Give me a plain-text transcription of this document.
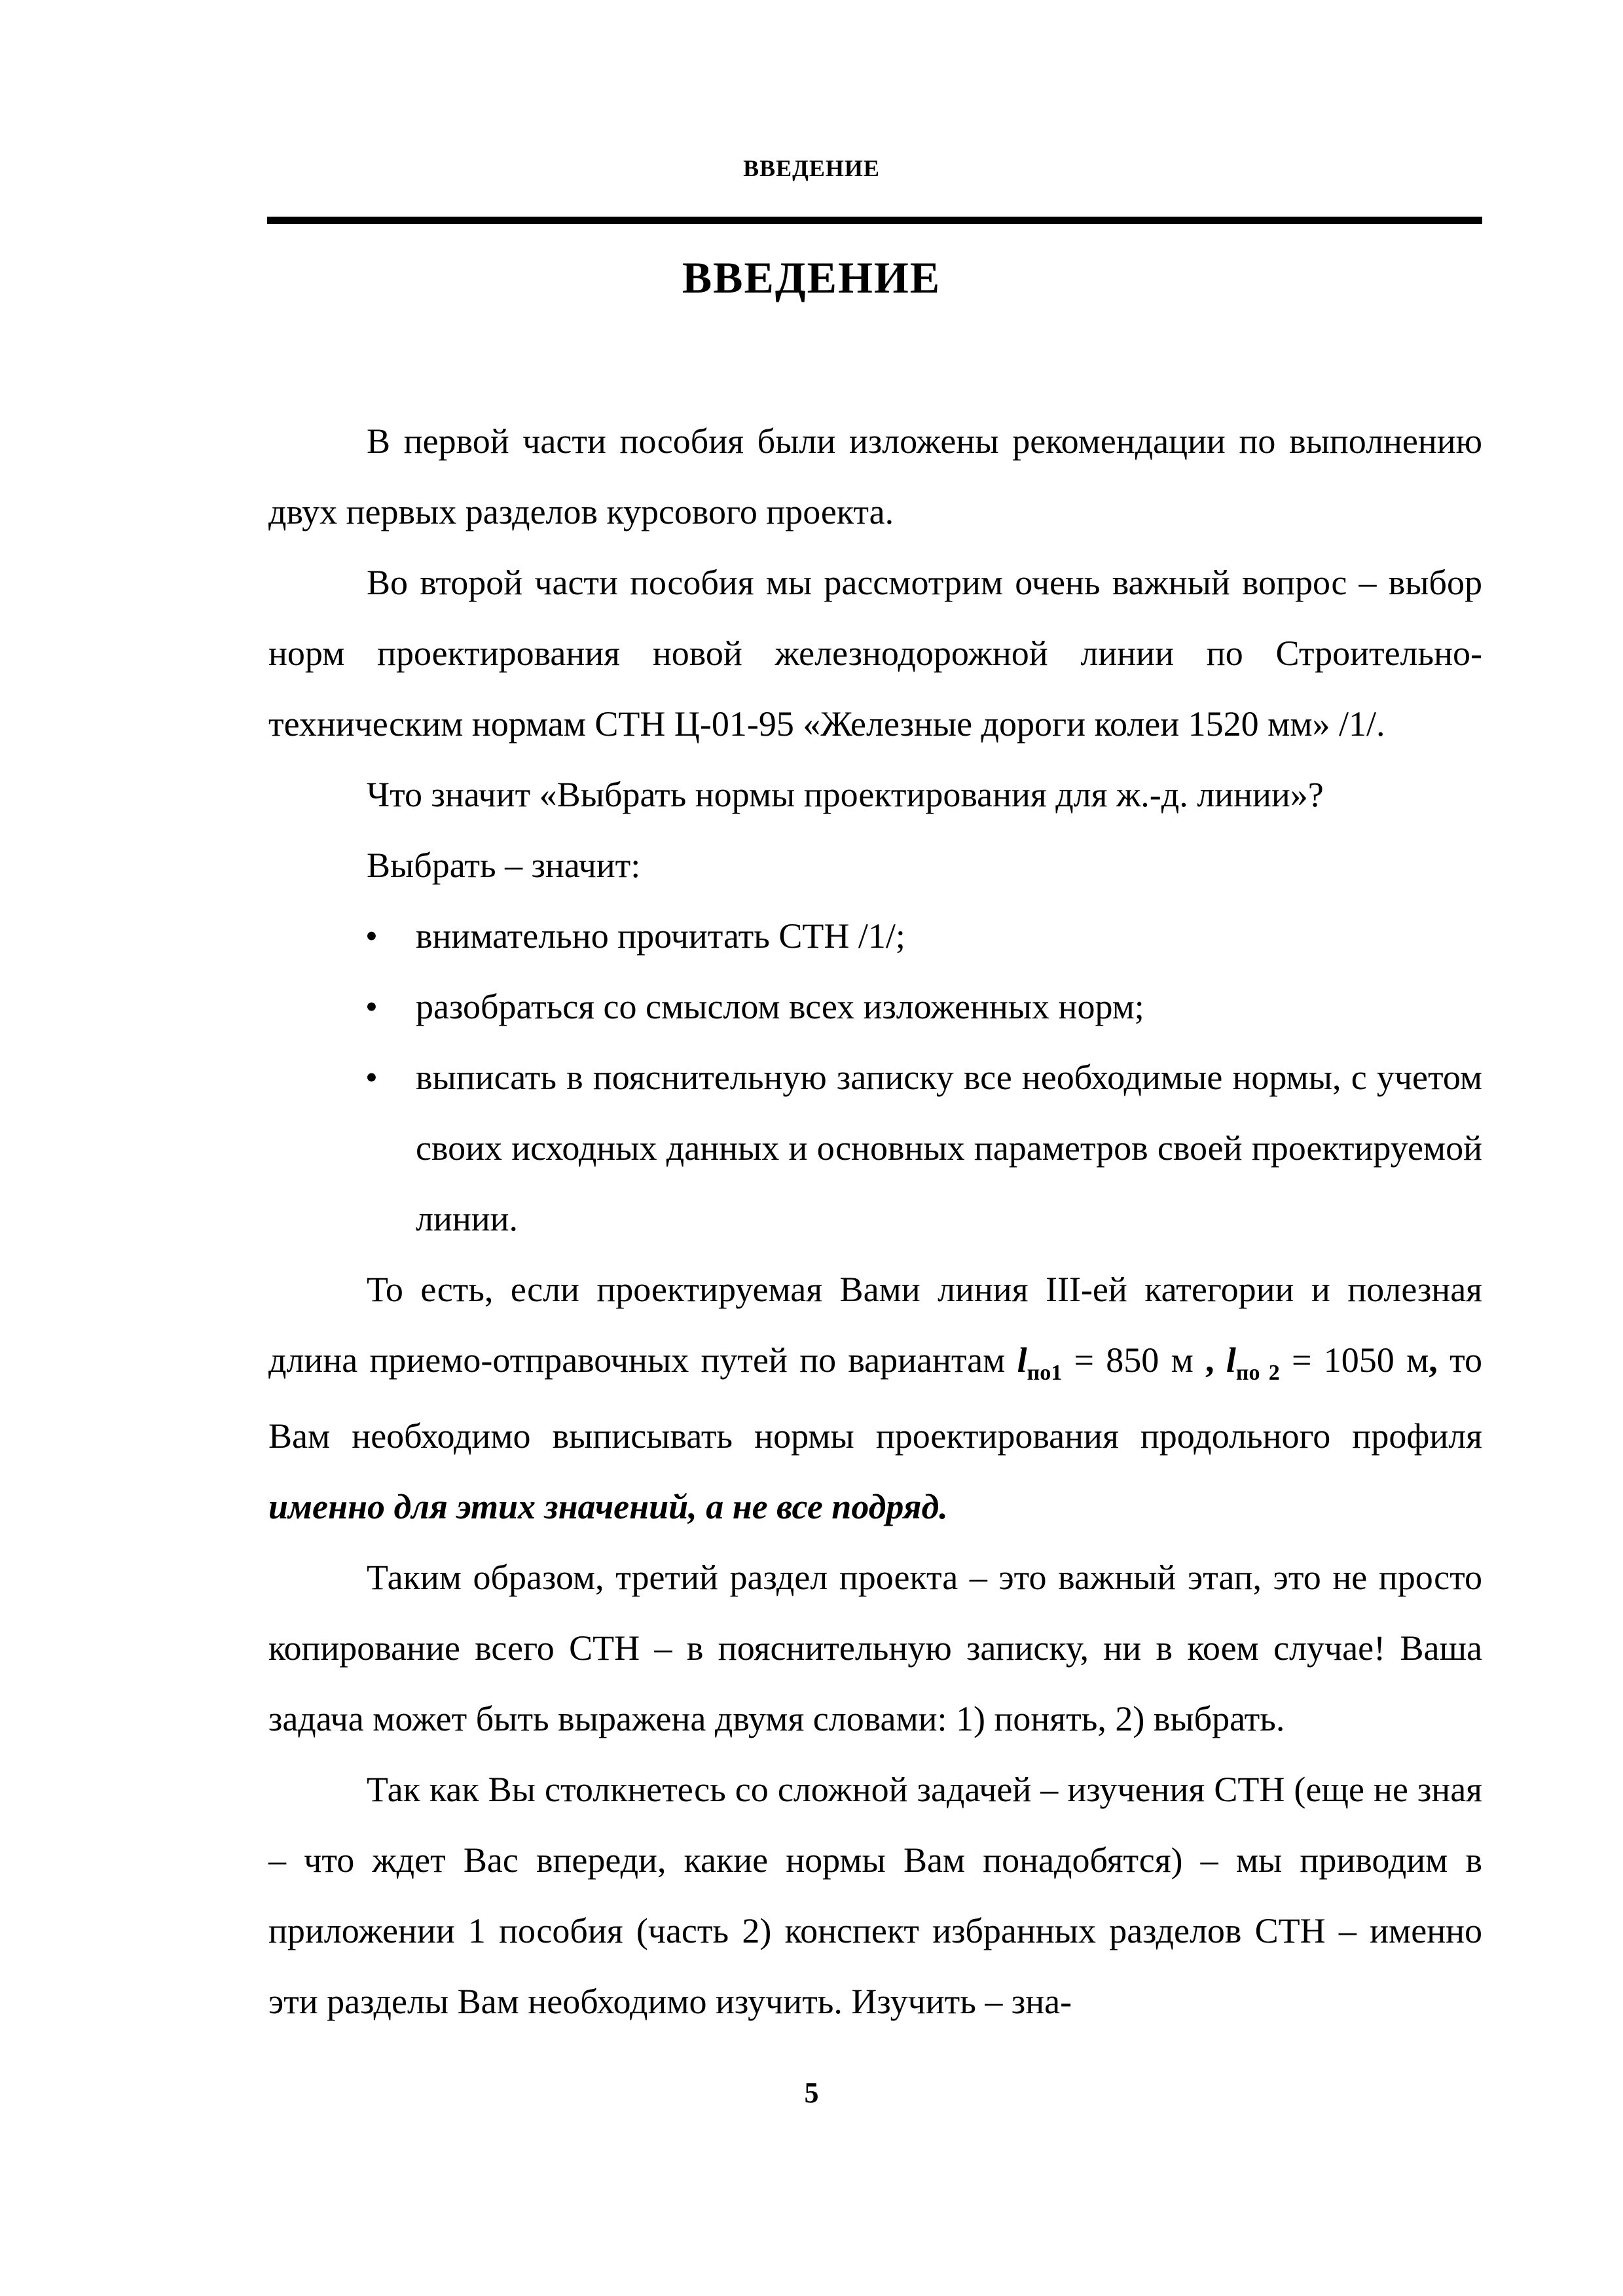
ВВЕДЕНИЕ
ВВЕДЕНИЕ

В первой части пособия были изложены рекомендации по выполнению двух первых разделов курсового проекта.

Во второй части пособия мы рассмотрим очень важный вопрос – выбор норм проектирования новой железнодорожной линии по Строительно-техническим нормам СТН Ц-01-95 «Железные дороги колеи 1520 мм» /1/.

Что значит «Выбрать нормы проектирования для ж.-д. линии»?

Выбрать – значит:

• внимательно прочитать СТН /1/;
• разобраться со смыслом всех изложенных норм;
• выписать в пояснительную записку все необходимые нормы, с учетом своих исходных данных и основных параметров своей проектируемой линии.

То есть, если проектируемая Вами линия III-ей категории и полезная длина приемо-отправочных путей по вариантам $l_{по1} = 850$ м , $l_{по 2} = 1050$ м, то Вам необходимо выписывать нормы проектирования продольного профиля именно для этих значений, а не все подряд.

Таким образом, третий раздел проекта – это важный этап, это не просто копирование всего СТН – в пояснительную записку, ни в коем случае! Ваша задача может быть выражена двумя словами: 1) понять, 2) выбрать.

Так как Вы столкнетесь со сложной задачей – изучения СТН (еще не зная – что ждет Вас впереди, какие нормы Вам понадобятся) – мы приводим в приложении 1 пособия (часть 2) конспект избранных разделов СТН – именно эти разделы Вам необходимо изучить. Изучить – зна-

5
